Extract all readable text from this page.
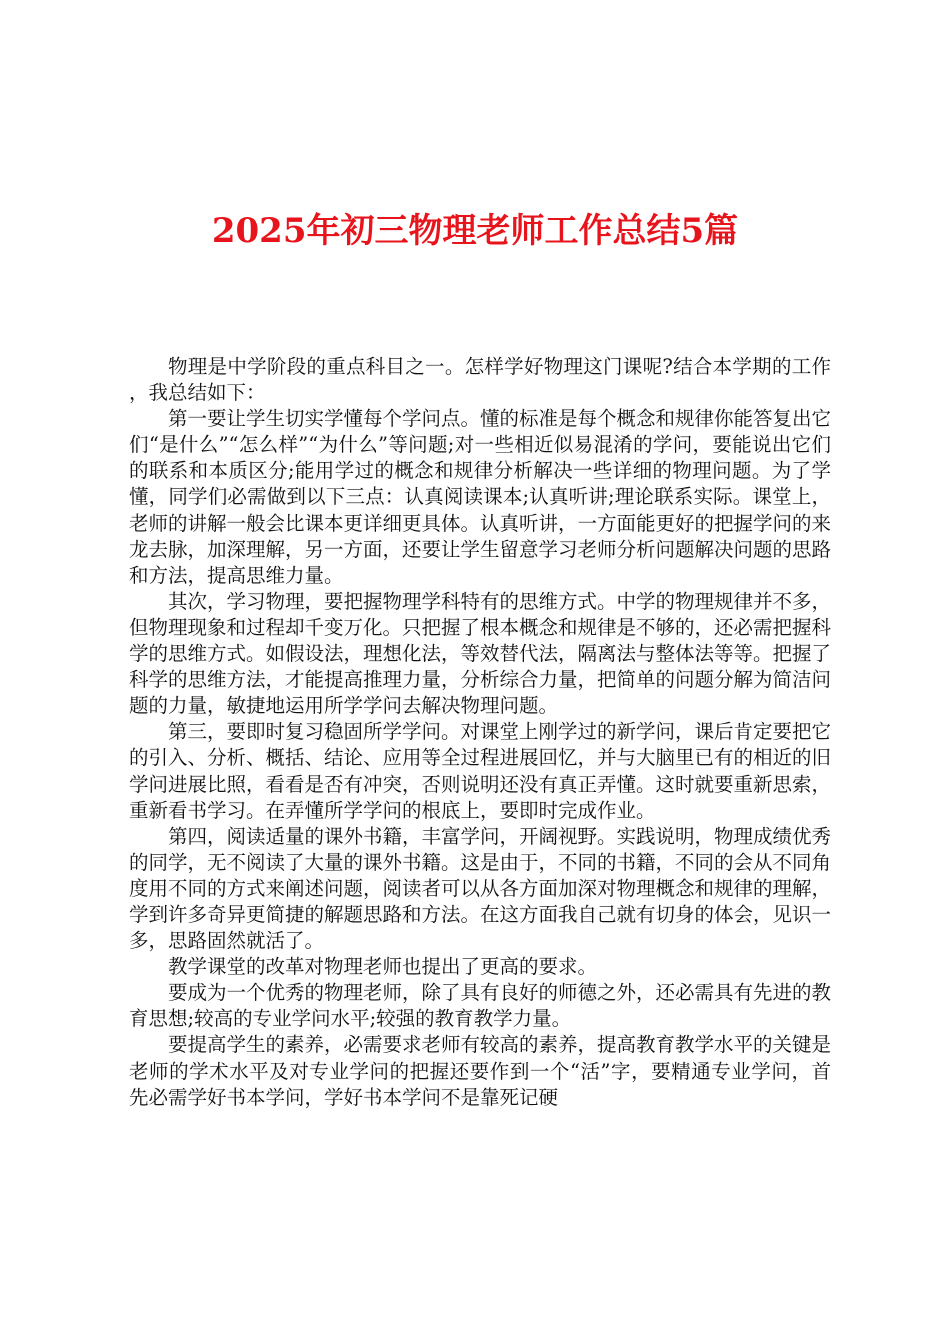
2025年初三物理老师工作总结5篇

物理是中学阶段的重点科目之一。怎样学好物理这门课呢?结合本学期的工作，我总结如下：

第一要让学生切实学懂每个学问点。懂的标准是每个概念和规律你能答复出它们“是什么”“怎么样”“为什么”等问题;对一些相近似易混淆的学问，要能说出它们的联系和本质区分;能用学过的概念和规律分析解决一些详细的物理问题。为了学懂，同学们必需做到以下三点：认真阅读课本;认真听讲;理论联系实际。课堂上，老师的讲解一般会比课本更详细更具体。认真听讲，一方面能更好的把握学问的来龙去脉，加深理解，另一方面，还要让学生留意学习老师分析问题解决问题的思路和方法，提高思维力量。

其次，学习物理，要把握物理学科特有的思维方式。中学的物理规律并不多，但物理现象和过程却千变万化。只把握了根本概念和规律是不够的，还必需把握科学的思维方式。如假设法，理想化法，等效替代法，隔离法与整体法等等。把握了科学的思维方法，才能提高推理力量，分析综合力量，把简单的问题分解为简洁问题的力量，敏捷地运用所学学问去解决物理问题。

第三，要即时复习稳固所学学问。对课堂上刚学过的新学问，课后肯定要把它的引入、分析、概括、结论、应用等全过程进展回忆，并与大脑里已有的相近的旧学问进展比照，看看是否有冲突，否则说明还没有真正弄懂。这时就要重新思索，重新看书学习。在弄懂所学学问的根底上，要即时完成作业。

第四，阅读适量的课外书籍，丰富学问，开阔视野。实践说明，物理成绩优秀的同学，无不阅读了大量的课外书籍。这是由于，不同的书籍，不同的会从不同角度用不同的方式来阐述问题，阅读者可以从各方面加深对物理概念和规律的理解，学到许多奇异更简捷的解题思路和方法。在这方面我自己就有切身的体会，见识一多，思路固然就活了。

教学课堂的改革对物理老师也提出了更高的要求。

要成为一个优秀的物理老师，除了具有良好的师德之外，还必需具有先进的教育思想;较高的专业学问水平;较强的教育教学力量。

要提高学生的素养，必需要求老师有较高的素养，提高教育教学水平的关键是老师的学术水平及对专业学问的把握还要作到一个“活”字，要精通专业学问，首先必需学好书本学问，学好书本学问不是靠死记硬
